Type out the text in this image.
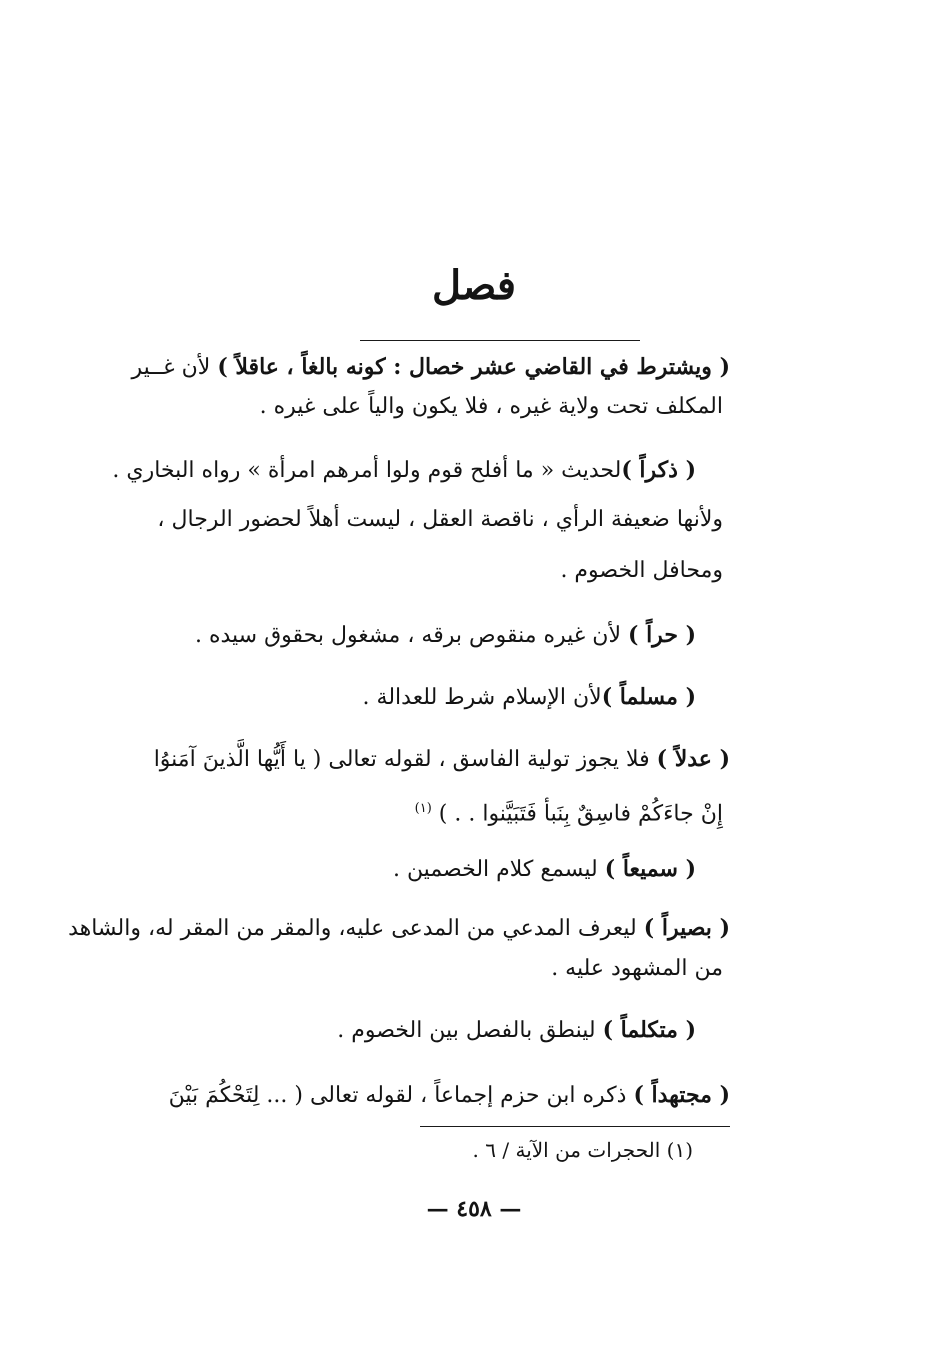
فصل
( ويشترط في القاضي عشر خصال : كونه بالغاً ، عاقلاً ) لأن غــير
المكلف تحت ولاية غيره ، فلا يكون والياً على غيره .
( ذكراً )لحديث « ما أفلح قوم ولوا أمرهم امرأة » رواه البخاري .
ولأنها ضعيفة الرأي ، ناقصة العقل ، ليست أهلاً لحضور الرجال ،
ومحافل الخصوم .
( حراً ) لأن غيره منقوص برقه ، مشغول بحقوق سيده .
( مسلماً )لأن الإسلام شرط للعدالة .
( عدلاً ) فلا يجوز تولية الفاسق ، لقوله تعالى ( يا أَيُّها الَّذينَ آمَنوُا
إِنْ جاءَكُمْ فاسِقٌ بِنَبأ فَتَبَيَّنوا . . ) $^{(١)}$
( سميعاً ) ليسمع كلام الخصمين .
( بصيراً ) ليعرف المدعي من المدعى عليه، والمقر من المقر له، والشاهد
من المشهود عليه .
( متكلماً ) لينطق بالفصل بين الخصوم .
( مجتهداً ) ذكره ابن حزم إجماعاً ، لقوله تعالى ( ... لِتَحْكُمَ بَيْنَ
(١) الحجرات من الآية / ٦ .
— ٤٥٨ —
